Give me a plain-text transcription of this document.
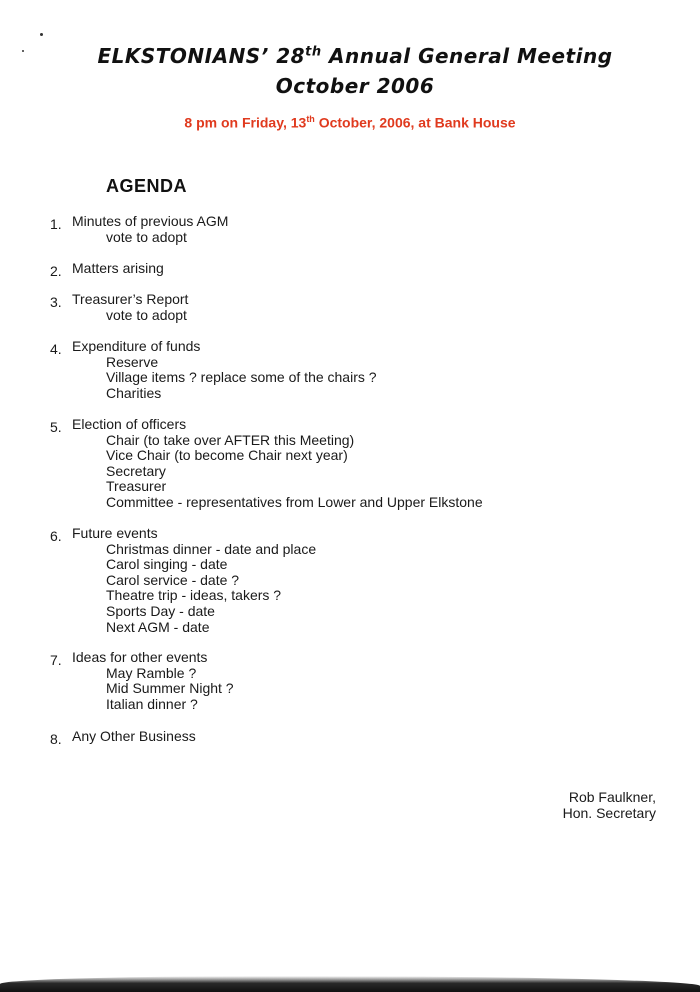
ELKSTONIANS’ 28th Annual General Meeting
October 2006
8 pm on Friday, 13th October, 2006, at Bank House
AGENDA
1. Minutes of previous AGM
vote to adopt
2. Matters arising
3. Treasurer’s Report
vote to adopt
4. Expenditure of funds
Reserve
Village items ? replace some of the chairs ?
Charities
5. Election of officers
Chair (to take over AFTER this Meeting)
Vice Chair (to become Chair next year)
Secretary
Treasurer
Committee - representatives from Lower and Upper Elkstone
6. Future events
Christmas dinner - date and place
Carol singing - date
Carol service - date ?
Theatre trip - ideas, takers ?
Sports Day - date
Next AGM - date
7. Ideas for other events
May Ramble ?
Mid Summer Night ?
Italian dinner ?
8. Any Other Business
Rob Faulkner,
Hon. Secretary
